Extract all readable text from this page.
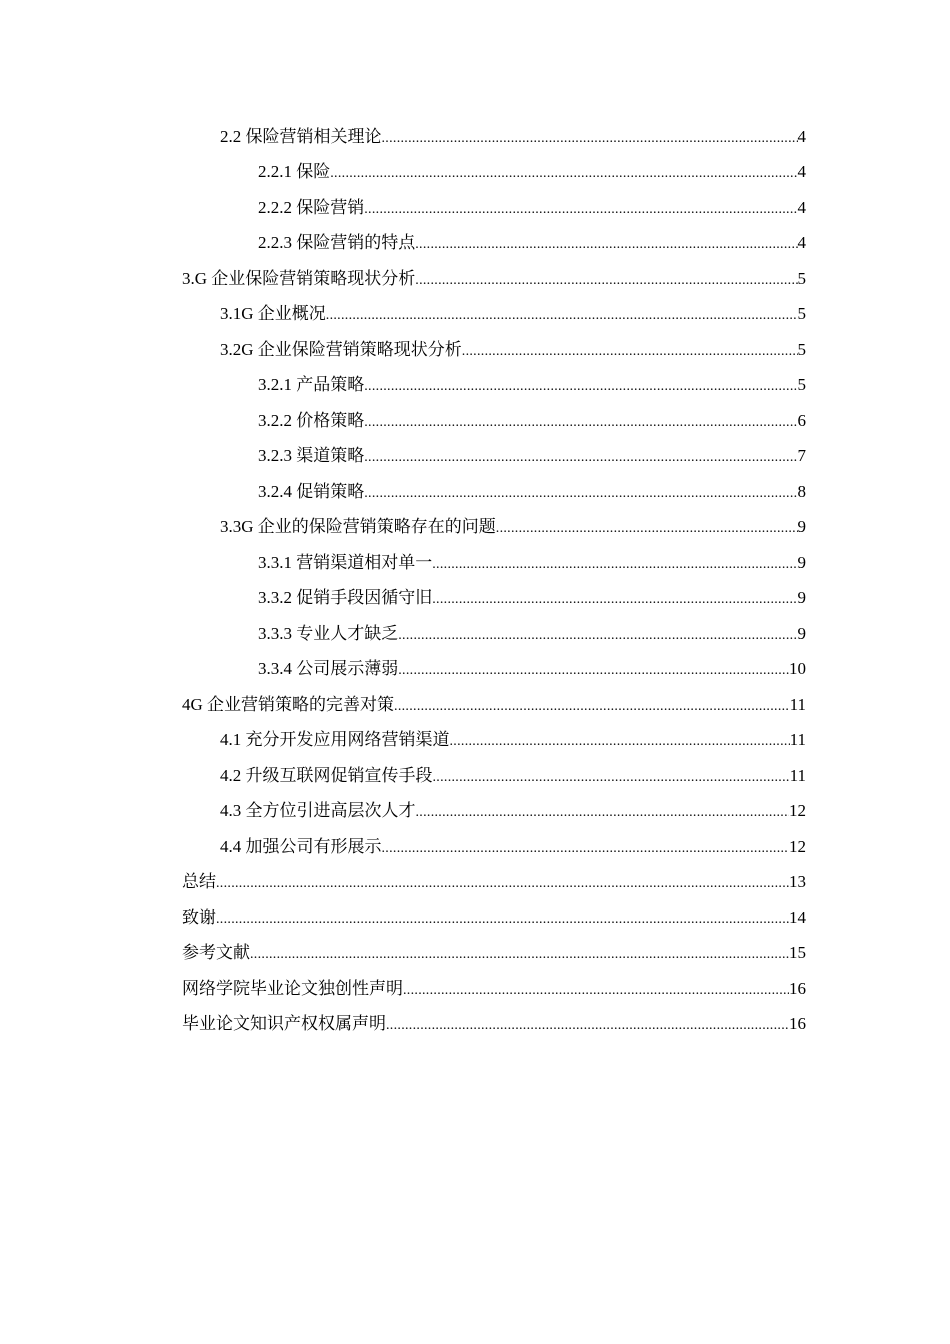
2.2 保险营销相关理论 .....	4
2.2.1 保险 .....	4
2.2.2 保险营销 .....	4
2.2.3 保险营销的特点 .....	4
3.G 企业保险营销策略现状分析 .....	5
3.1G 企业概况 .....	5
3.2G 企业保险营销策略现状分析 .....	5
3.2.1 产品策略 .....	5
3.2.2 价格策略 .....	6
3.2.3 渠道策略 .....	7
3.2.4 促销策略 .....	8
3.3G 企业的保险营销策略存在的问题 .....	9
3.3.1 营销渠道相对单一 .....	9
3.3.2 促销手段因循守旧 .....	9
3.3.3 专业人才缺乏 .....	9
3.3.4 公司展示薄弱 .....	10
4G 企业营销策略的完善对策 .....	11
4.1 充分开发应用网络营销渠道 .....	11
4.2 升级互联网促销宣传手段 .....	11
4.3 全方位引进高层次人才 .....	12
4.4 加强公司有形展示 .....	12
总结 .....	13
致谢 .....	14
参考文献 .....	15
网络学院毕业论文独创性声明 .....	16
毕业论文知识产权权属声明 .....	16
